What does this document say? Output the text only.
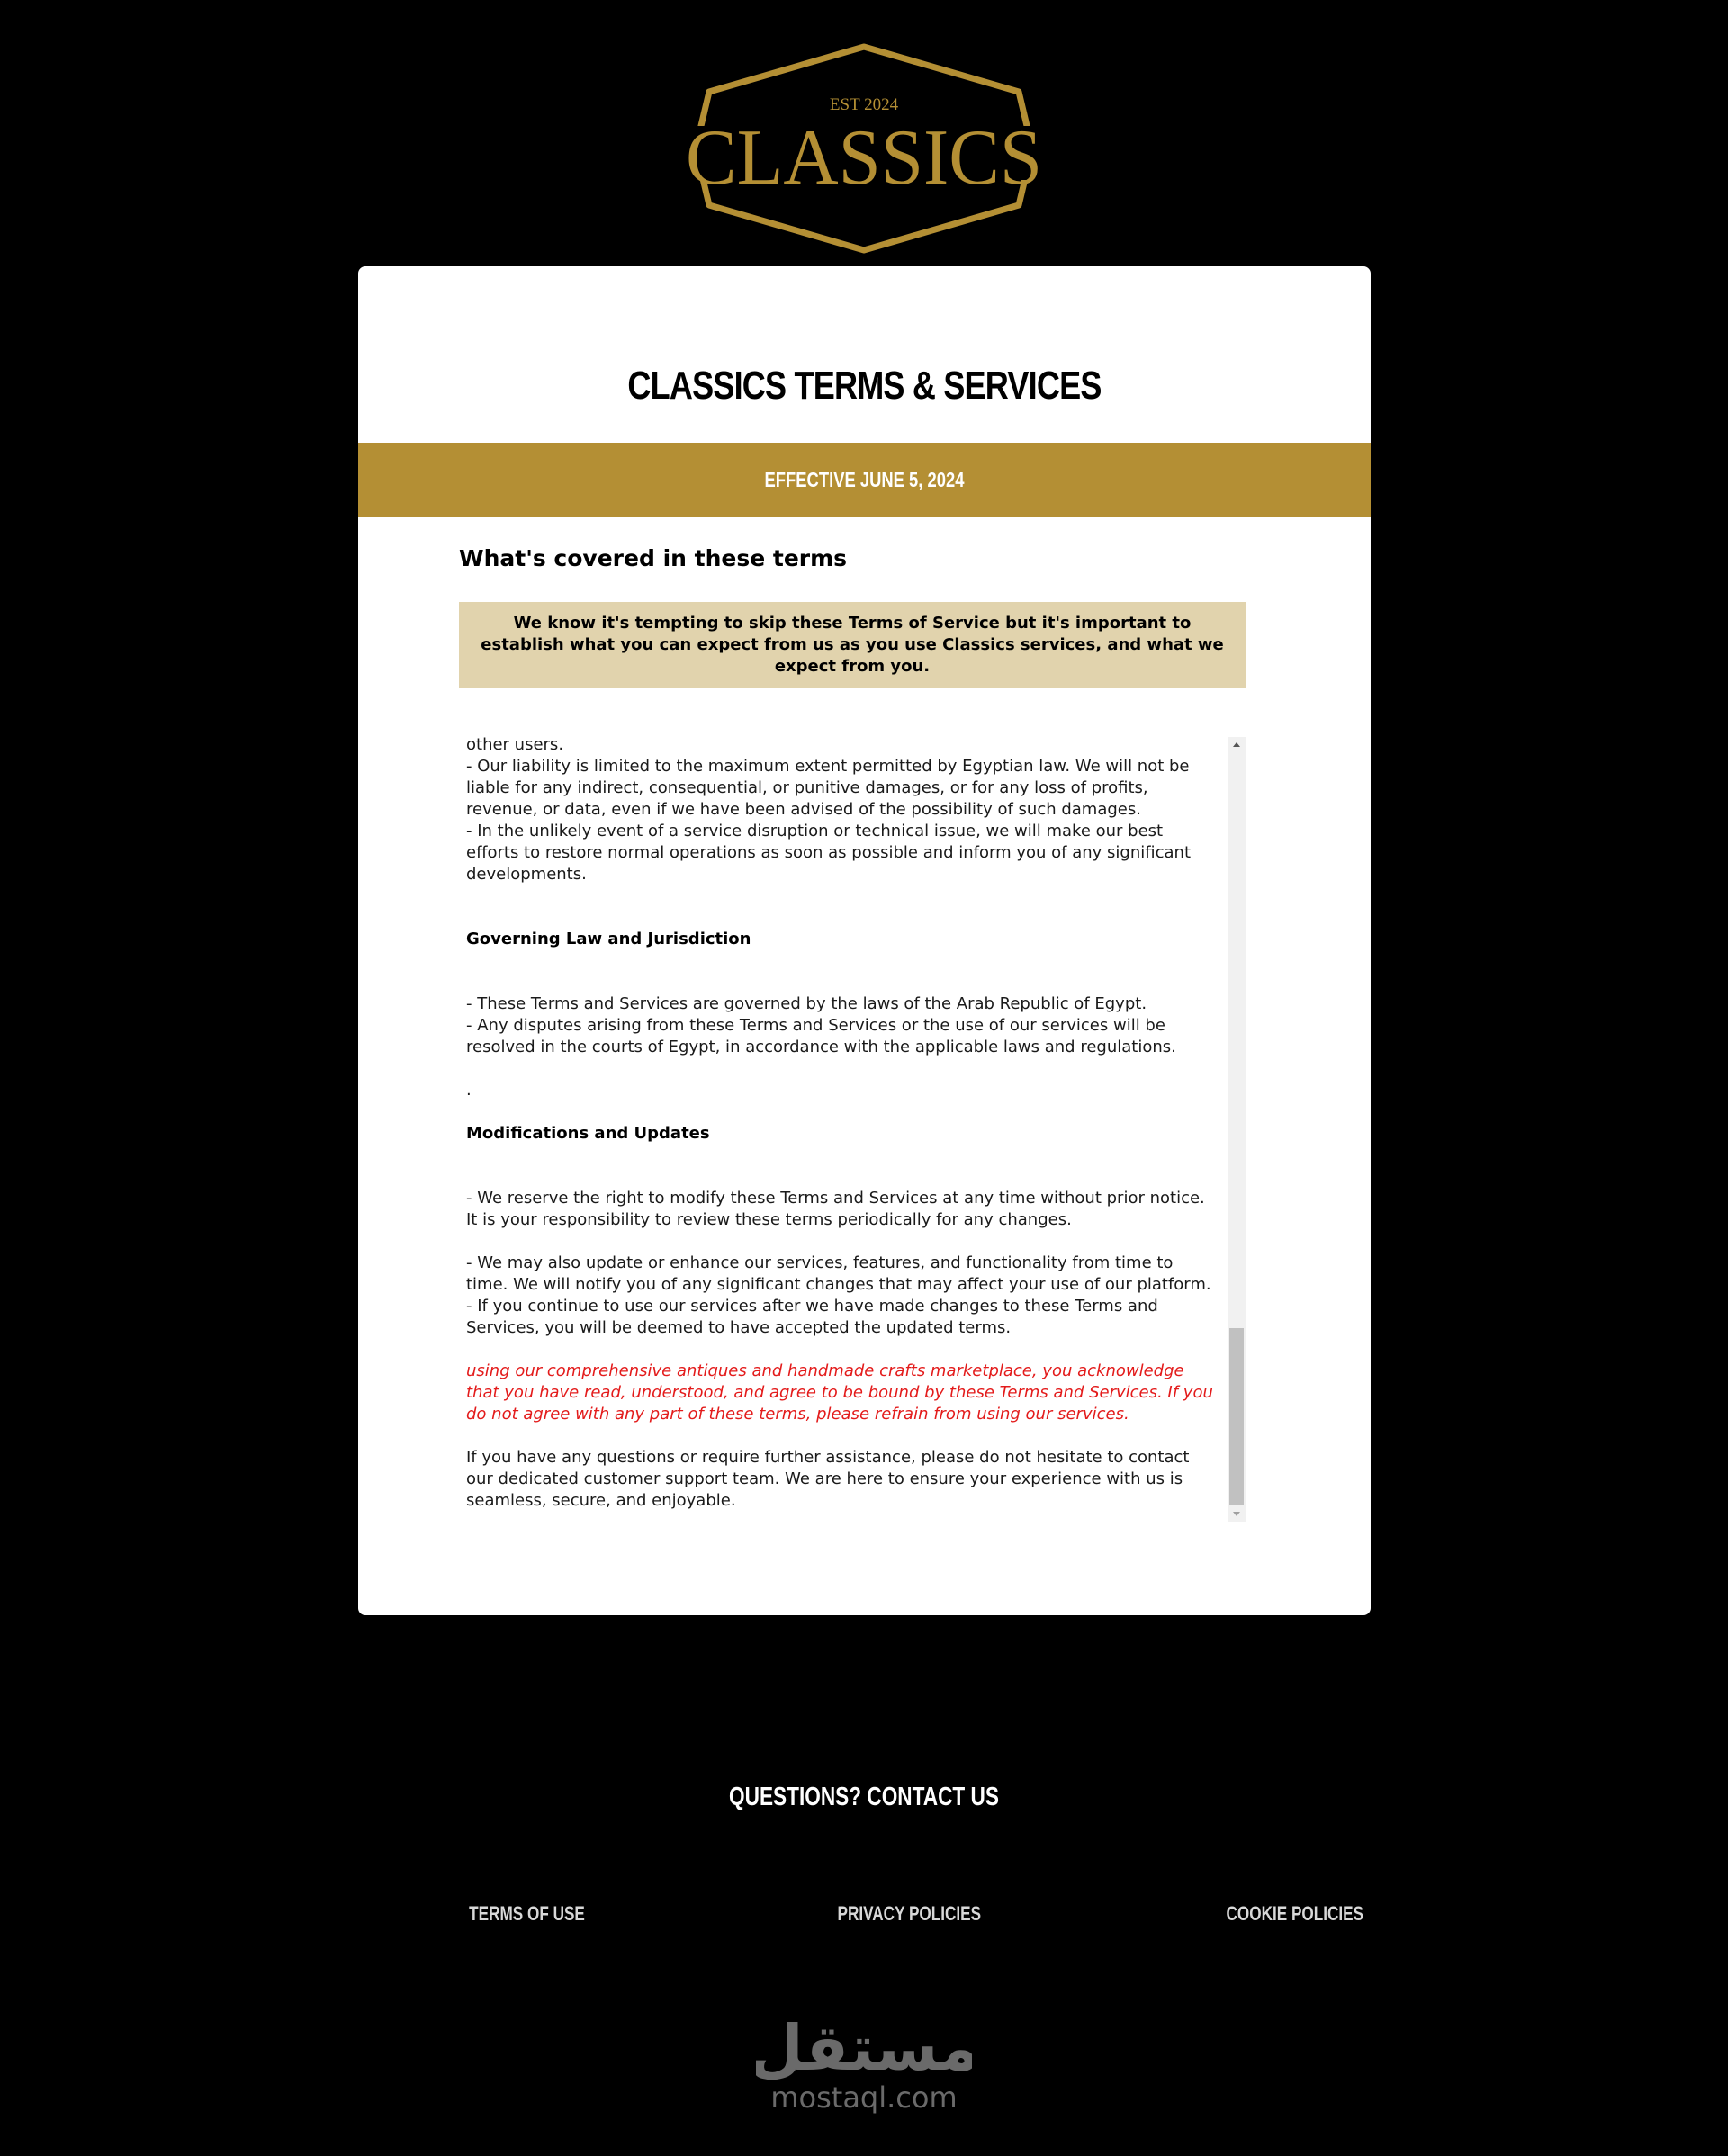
EST 2024
CLASSICS
CLASSICS TERMS & SERVICES
EFFECTIVE JUNE 5, 2024
What's covered in these terms
We know it's tempting to skip these Terms of Service but it's important to establish what you can expect from us as you use Classics services, and what we expect from you.

other users.

- Our liability is limited to the maximum extent permitted by Egyptian law. We will not be liable for any indirect, consequential, or punitive damages, or for any loss of profits, revenue, or data, even if we have been advised of the possibility of such damages.

- In the unlikely event of a service disruption or technical issue, we will make our best efforts to restore normal operations as soon as possible and inform you of any significant developments.

Governing Law and Jurisdiction

- These Terms and Services are governed by the laws of the Arab Republic of Egypt.

- Any disputes arising from these Terms and Services or the use of our services will be resolved in the courts of Egypt, in accordance with the applicable laws and regulations.

.

Modifications and Updates

- We reserve the right to modify these Terms and Services at any time without prior notice. It is your responsibility to review these terms periodically for any changes.

- We may also update or enhance our services, features, and functionality from time to time. We will notify you of any significant changes that may affect your use of our platform.

- If you continue to use our services after we have made changes to these Terms and Services, you will be deemed to have accepted the updated terms.

using our comprehensive antiques and handmade crafts marketplace, you acknowledge that you have read, understood, and agree to be bound by these Terms and Services. If you do not agree with any part of these terms, please refrain from using our services.

If you have any questions or require further assistance, please do not hesitate to contact our dedicated customer support team. We are here to ensure your experience with us is seamless, secure, and enjoyable.

QUESTIONS? CONTACT US
TERMS OF USE	PRIVACY POLICIES	COOKIE POLICIES
مستقل
mostaql.com
